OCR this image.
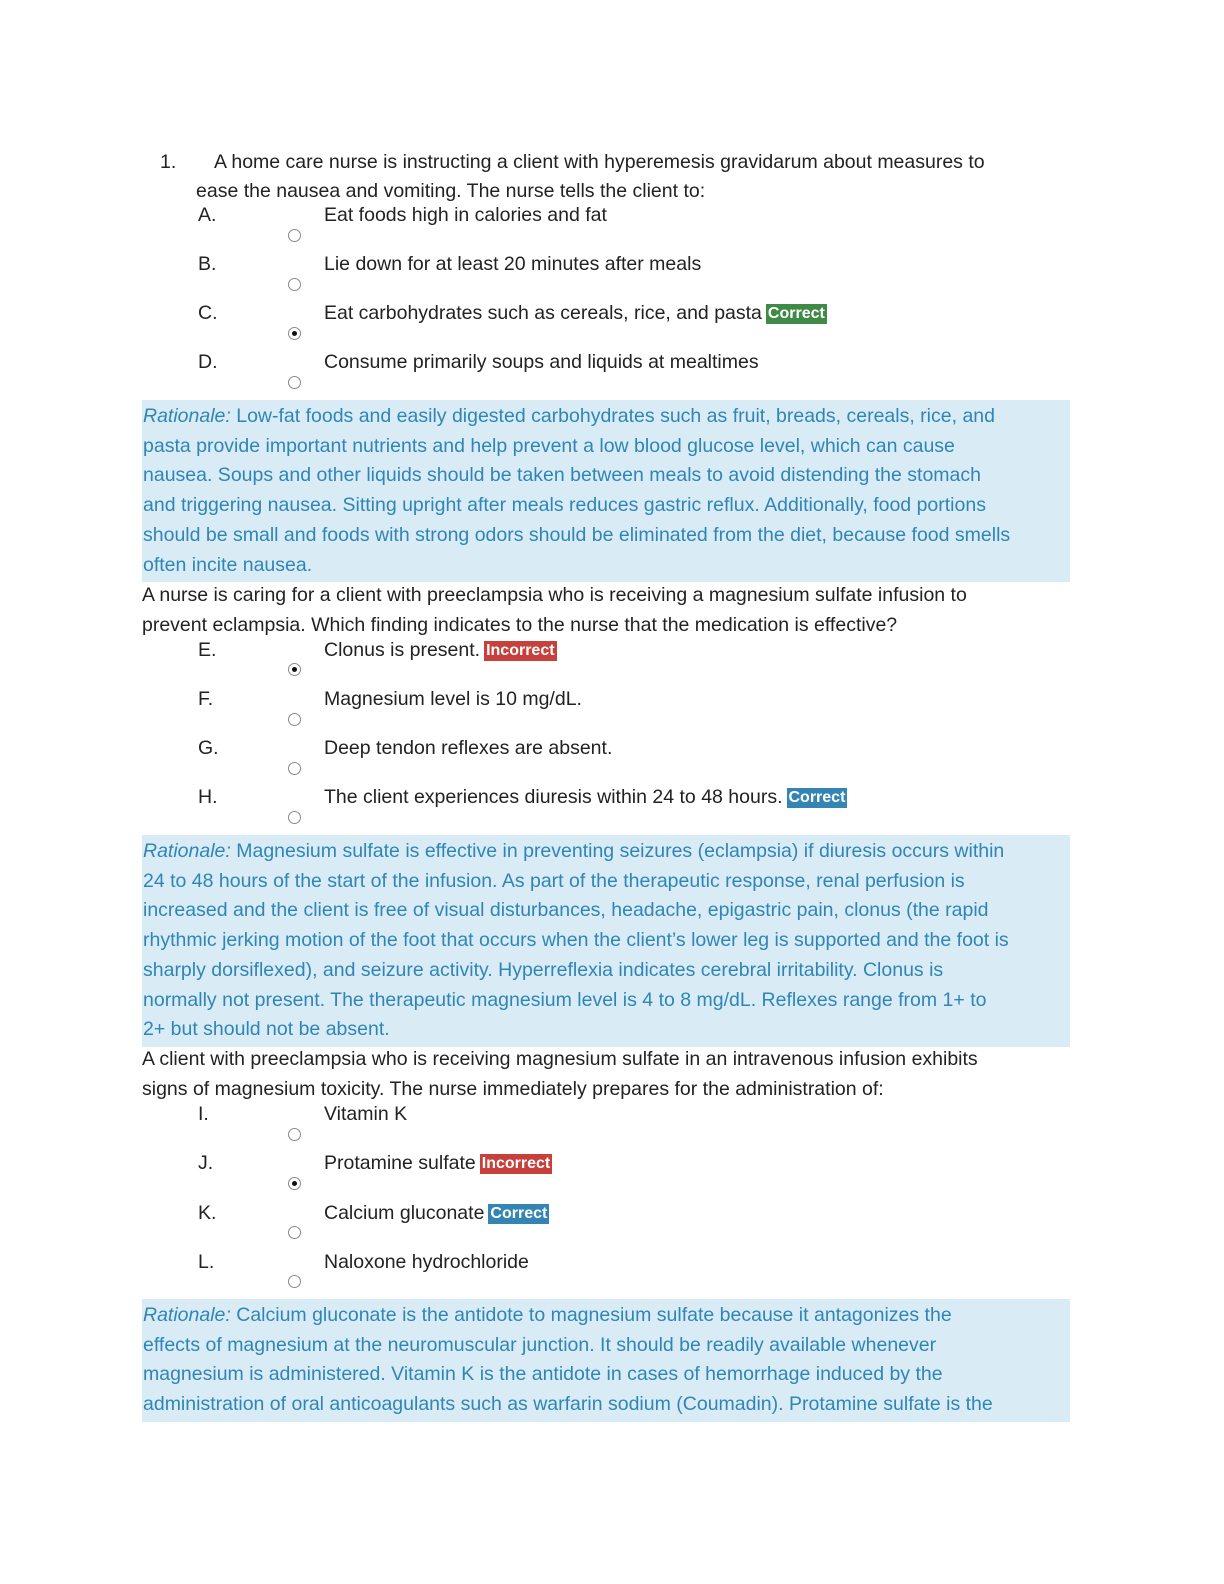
1. A home care nurse is instructing a client with hyperemesis gravidarum about measures to
ease the nausea and vomiting. The nurse tells the client to:
A.	Eat foods high in calories and fat
B.	Lie down for at least 20 minutes after meals
C.	Eat carbohydrates such as cereals, rice, and pasta Correct
D.	Consume primarily soups and liquids at mealtimes
Rationale: Low-fat foods and easily digested carbohydrates such as fruit, breads, cereals, rice, and
pasta provide important nutrients and help prevent a low blood glucose level, which can cause
nausea. Soups and other liquids should be taken between meals to avoid distending the stomach
and triggering nausea. Sitting upright after meals reduces gastric reflux. Additionally, food portions
should be small and foods with strong odors should be eliminated from the diet, because food smells
often incite nausea.
A nurse is caring for a client with preeclampsia who is receiving a magnesium sulfate infusion to
prevent eclampsia. Which finding indicates to the nurse that the medication is effective?
E.	Clonus is present. Incorrect
F.	Magnesium level is 10 mg/dL.
G.	Deep tendon reflexes are absent.
H.	The client experiences diuresis within 24 to 48 hours. Correct
Rationale: Magnesium sulfate is effective in preventing seizures (eclampsia) if diuresis occurs within
24 to 48 hours of the start of the infusion. As part of the therapeutic response, renal perfusion is
increased and the client is free of visual disturbances, headache, epigastric pain, clonus (the rapid
rhythmic jerking motion of the foot that occurs when the client’s lower leg is supported and the foot is
sharply dorsiflexed), and seizure activity. Hyperreflexia indicates cerebral irritability. Clonus is
normally not present. The therapeutic magnesium level is 4 to 8 mg/dL. Reflexes range from 1+ to
2+ but should not be absent.
A client with preeclampsia who is receiving magnesium sulfate in an intravenous infusion exhibits
signs of magnesium toxicity. The nurse immediately prepares for the administration of:
I.	Vitamin K
J.	Protamine sulfate Incorrect
K.	Calcium gluconate Correct
L.	Naloxone hydrochloride
Rationale: Calcium gluconate is the antidote to magnesium sulfate because it antagonizes the
effects of magnesium at the neuromuscular junction. It should be readily available whenever
magnesium is administered. Vitamin K is the antidote in cases of hemorrhage induced by the
administration of oral anticoagulants such as warfarin sodium (Coumadin). Protamine sulfate is the
